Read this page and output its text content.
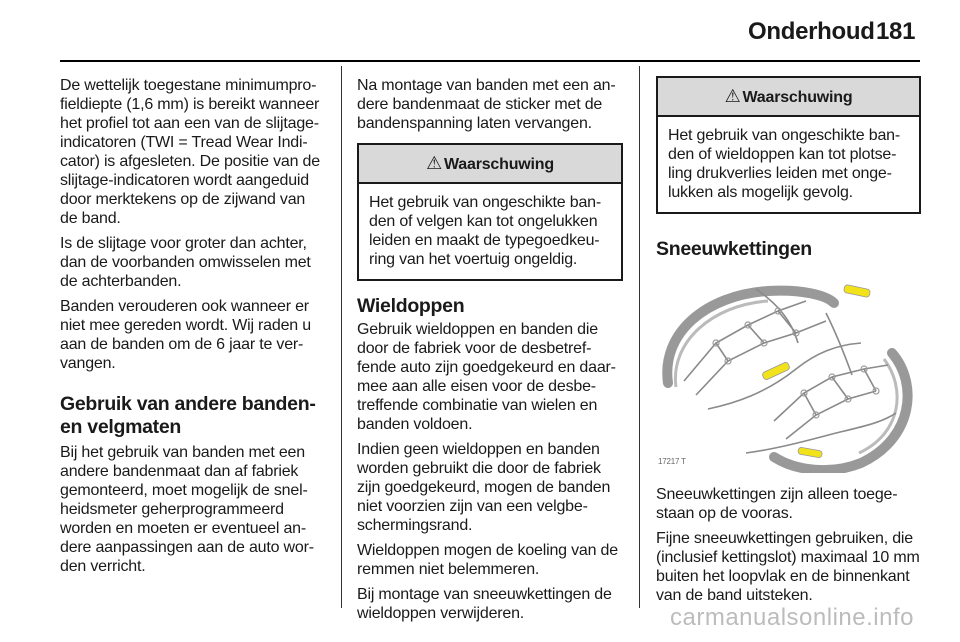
Onderhoud 181

De wettelijk toegestane minimumprofieldiepte (1,6 mm) is bereikt wanneer het profiel tot aan een van de slijtage-indicatoren (TWI = Tread Wear Indicator) is afgesleten. De positie van de slijtage-indicatoren wordt aangeduid door merktekens op de zijwand van de band.

Is de slijtage voor groter dan achter, dan de voorbanden omwisselen met de achterbanden.

Banden verouderen ook wanneer er niet mee gereden wordt. Wij raden u aan de banden om de 6 jaar te vervangen.

Gebruik van andere banden- en velgmaten

Bij het gebruik van banden met een andere bandenmaat dan af fabriek gemonteerd, moet mogelijk de snelheidsmeter geherprogrammeerd worden en moeten er eventueel andere aanpassingen aan de auto worden verricht.

Na montage van banden met een andere bandenmaat de sticker met de bandenspanning laten vervangen.

⚠ Waarschuwing
Het gebruik van ongeschikte banden of velgen kan tot ongelukken leiden en maakt de typegoedkeuring van het voertuig ongeldig.
Wieldoppen

Gebruik wieldoppen en banden die door de fabriek voor de desbetreffende auto zijn goedgekeurd en daarmee aan alle eisen voor de desbetreffende combinatie van wielen en banden voldoen.

Indien geen wieldoppen en banden worden gebruikt die door de fabriek zijn goedgekeurd, mogen de banden niet voorzien zijn van een velgbeschermingsrand.

Wieldoppen mogen de koeling van de remmen niet belemmeren.

Bij montage van sneeuwkettingen de wieldoppen verwijderen.

⚠ Waarschuwing
Het gebruik van ongeschikte banden of wieldoppen kan tot plotseling drukverlies leiden met ongelukken als mogelijk gevolg.
Sneeuwkettingen
17217 T

Sneeuwkettingen zijn alleen toegestaan op de vooras.

Fijne sneeuwkettingen gebruiken, die (inclusief kettingslot) maximaal 10 mm buiten het loopvlak en de binnenkant van de band uitsteken.

carmanualsonline.info
